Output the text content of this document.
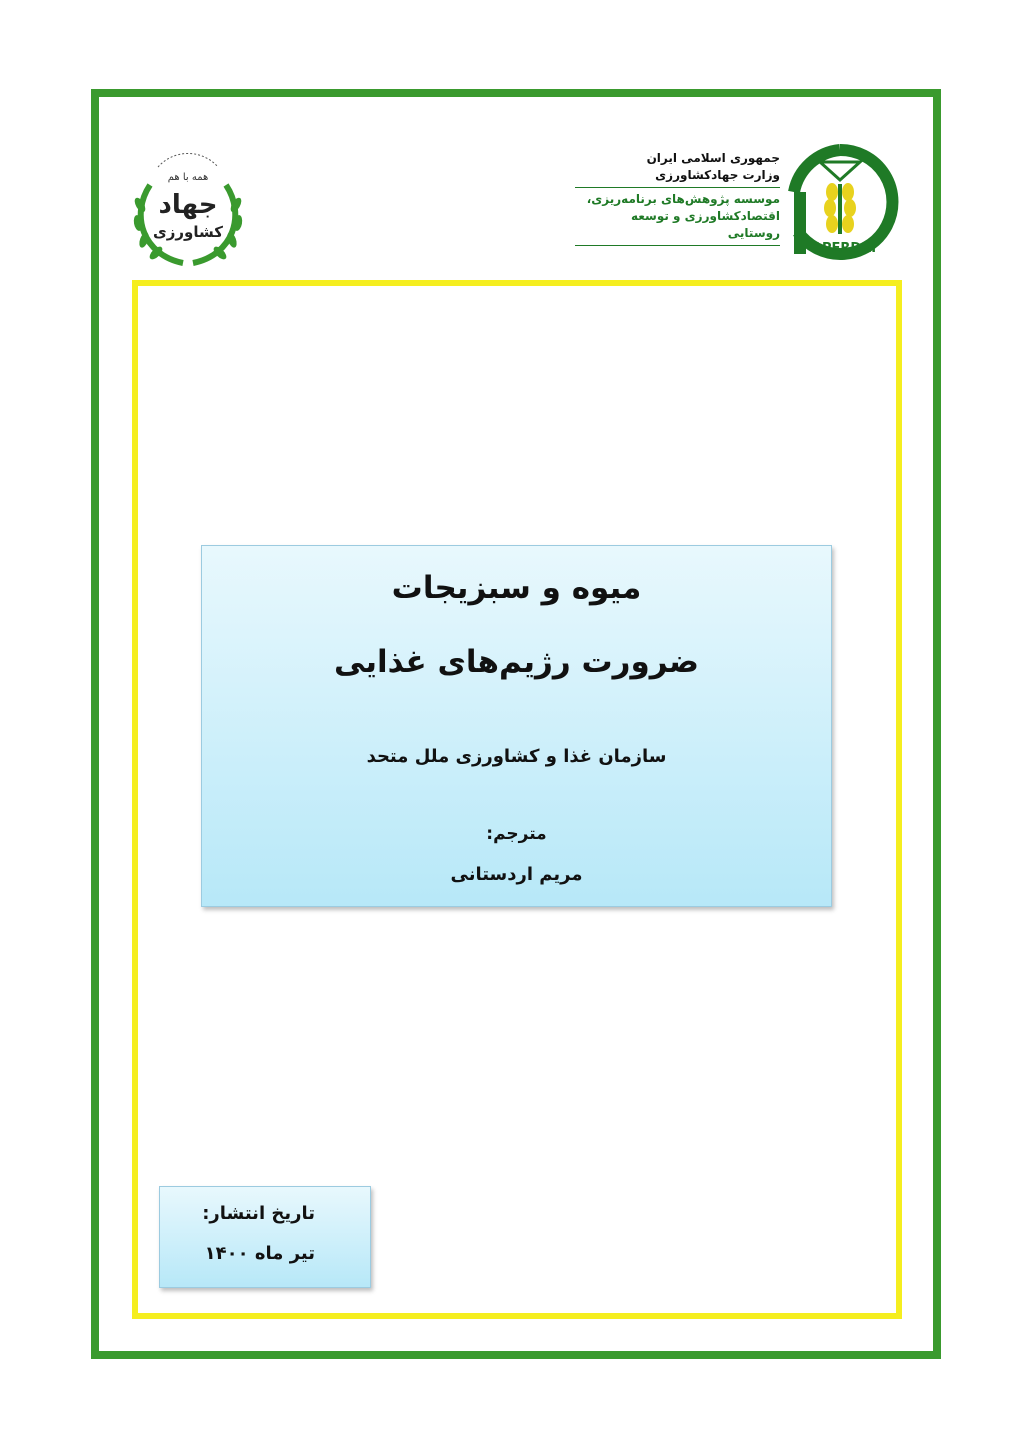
همه با هم
جهاد
کشاورزی
جمهوری اسلامی ایران
وزارت جهادکشاورزی
موسسه پژوهش‌های برنامه‌ریزی،
اقتصادکشاورزی و توسعه روستایی
APERDRI
میوه و سبزیجات
ضرورت رژیم‌های غذایی
سازمان غذا و کشاورزی ملل متحد
مترجم:
مریم اردستانی
تاریخ انتشار:
تیر ماه ۱۴۰۰
